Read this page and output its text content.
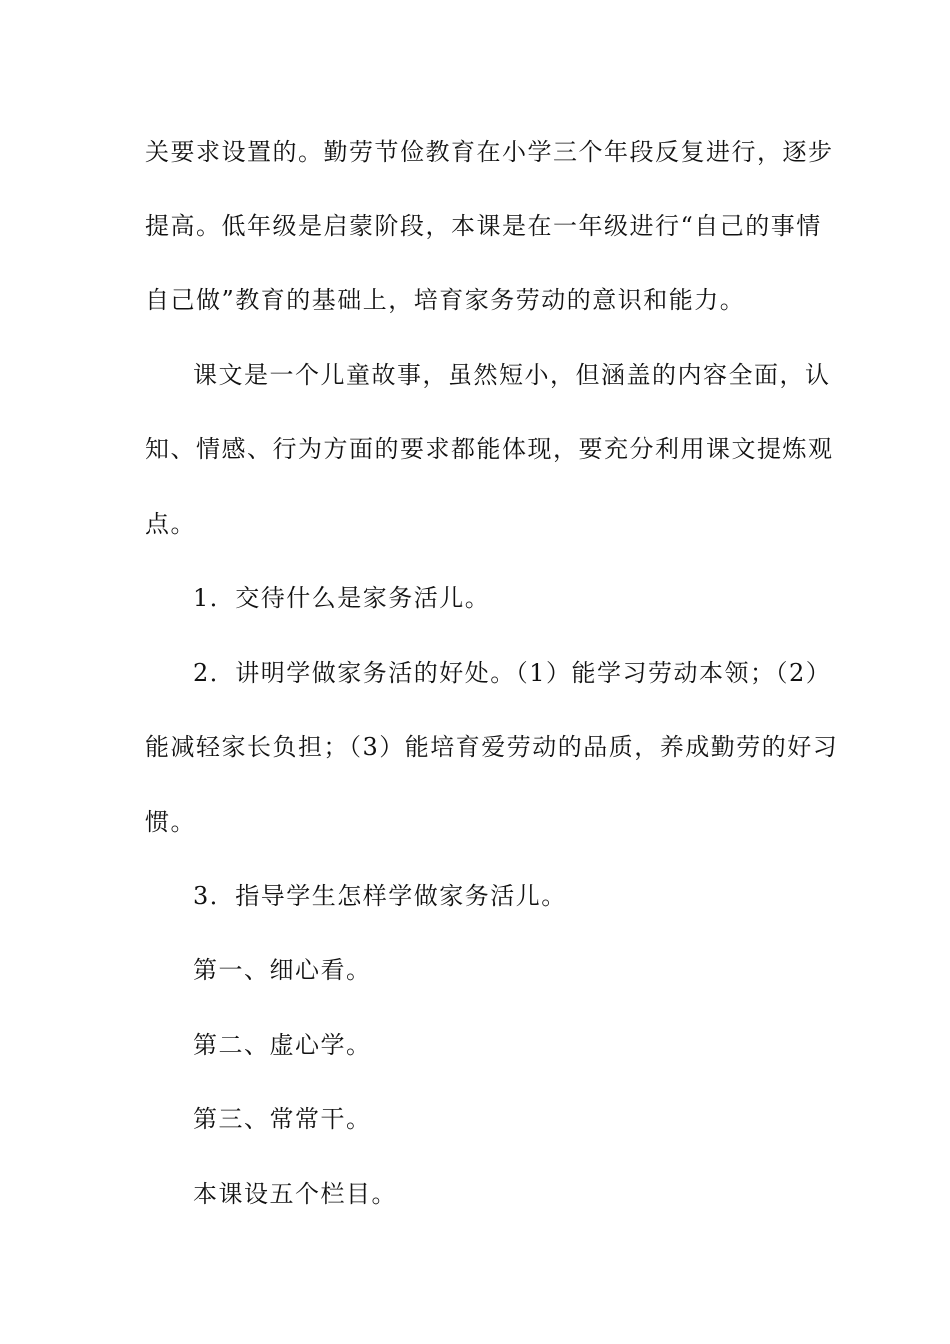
关要求设置的。勤劳节俭教育在小学三个年段反复进行，逐步
提高。低年级是启蒙阶段，本课是在一年级进行“自己的事情
自己做”教育的基础上，培育家务劳动的意识和能力。
课文是一个儿童故事，虽然短小，但涵盖的内容全面，认
知、情感、行为方面的要求都能体现，要充分利用课文提炼观
点。
1．交待什么是家务活儿。
2．讲明学做家务活的好处。（1）能学习劳动本领；（2）
能减轻家长负担；（3）能培育爱劳动的品质，养成勤劳的好习
惯。
3．指导学生怎样学做家务活儿。
第一、细心看。
第二、虚心学。
第三、常常干。
本课设五个栏目。
